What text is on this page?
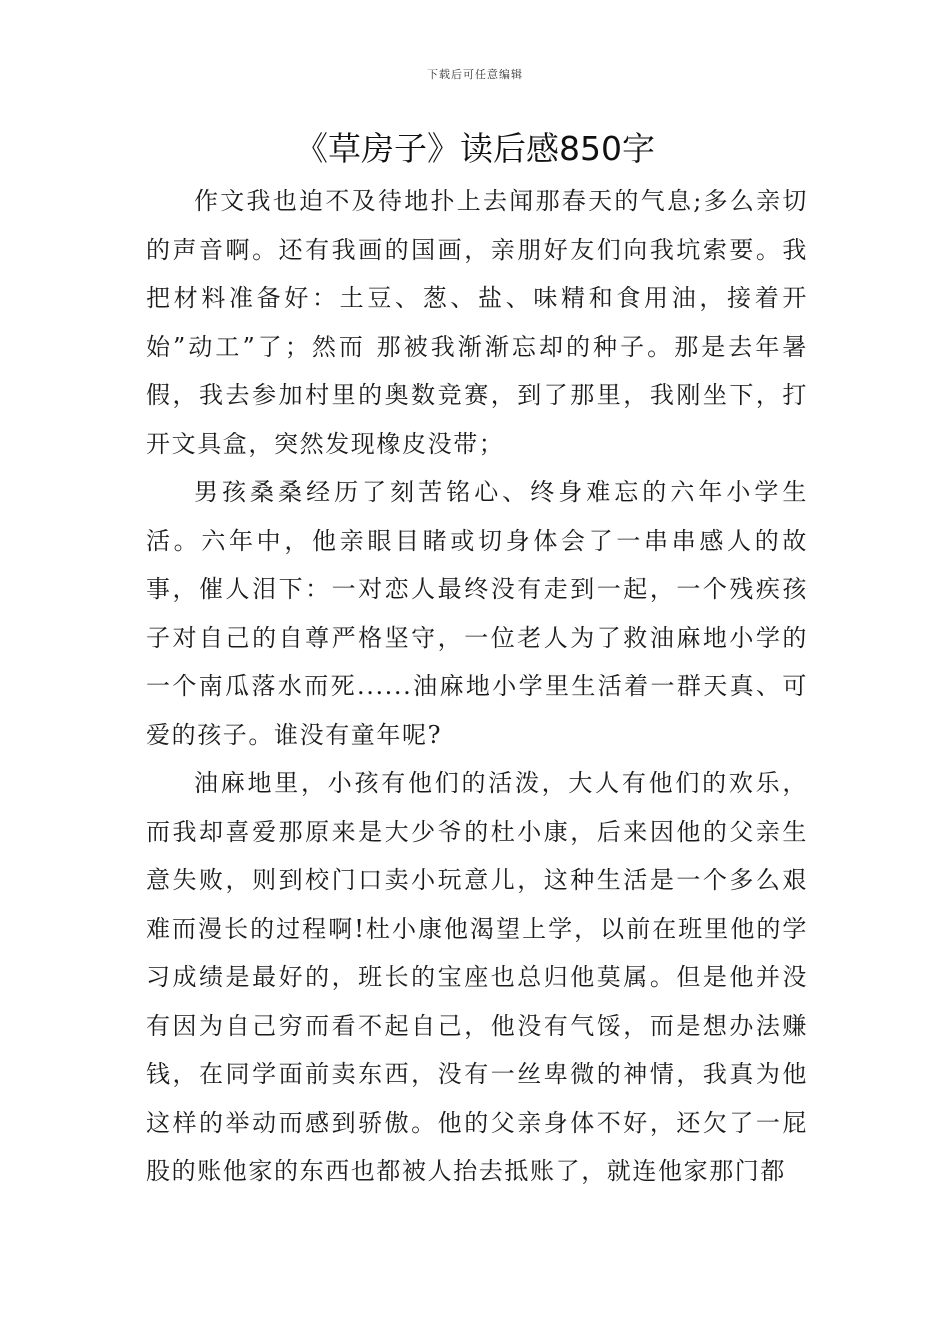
下载后可任意编辑
《草房子》读后感850字

作文我也迫不及待地扑上去闻那春天的气息;多么亲切的声音啊。还有我画的国画，亲朋好友们向我坑索要。我把材料准备好：土豆、葱、盐、味精和食用油，接着开始”动工”了；然而 那被我渐渐忘却的种子。那是去年暑假，我去参加村里的奥数竞赛，到了那里，我刚坐下，打开文具盒，突然发现橡皮没带；

男孩桑桑经历了刻苦铭心、终身难忘的六年小学生活。六年中，他亲眼目睹或切身体会了一串串感人的故事，催人泪下：一对恋人最终没有走到一起，一个残疾孩子对自己的自尊严格坚守，一位老人为了救油麻地小学的一个南瓜落水而死......油麻地小学里生活着一群天真、可爱的孩子。谁没有童年呢?

油麻地里，小孩有他们的活泼，大人有他们的欢乐，而我却喜爱那原来是大少爷的杜小康，后来因他的父亲生意失败，则到校门口卖小玩意儿，这种生活是一个多么艰难而漫长的过程啊!杜小康他渴望上学，以前在班里他的学习成绩是最好的，班长的宝座也总归他莫属。但是他并没有因为自己穷而看不起自己，他没有气馁，而是想办法赚钱，在同学面前卖东西，没有一丝卑微的神情，我真为他这样的举动而感到骄傲。他的父亲身体不好，还欠了一屁股的账他家的东西也都被人抬去抵账了，就连他家那门都
